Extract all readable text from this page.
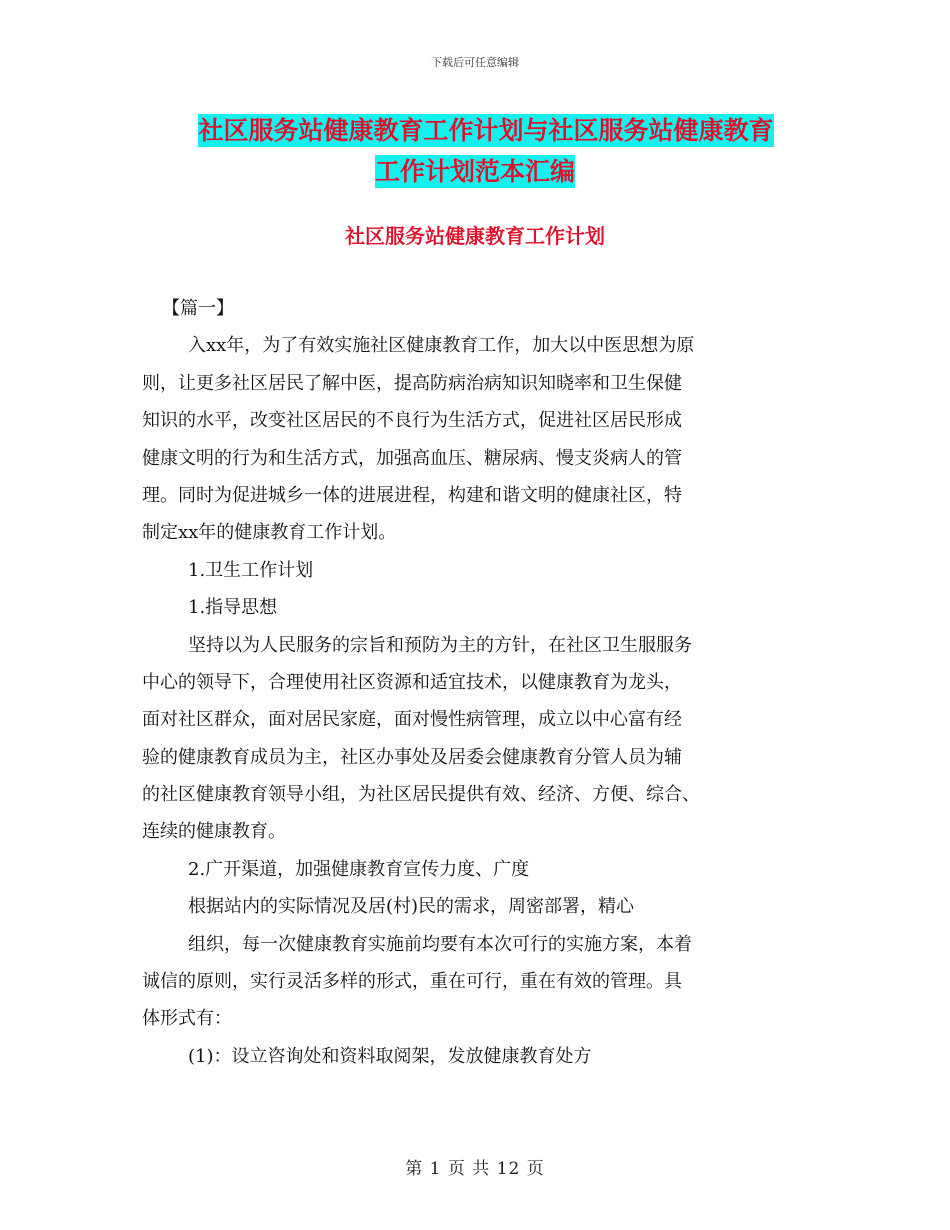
下载后可任意编辑
社区服务站健康教育工作计划与社区服务站健康教育
工作计划范本汇编
社区服务站健康教育工作计划
【篇一】
入xx年，为了有效实施社区健康教育工作，加大以中医思想为原
则，让更多社区居民了解中医，提高防病治病知识知晓率和卫生保健
知识的水平，改变社区居民的不良行为生活方式，促进社区居民形成
健康文明的行为和生活方式，加强高血压、糖尿病、慢支炎病人的管
理。同时为促进城乡一体的进展进程，构建和谐文明的健康社区，特
制定xx年的健康教育工作计划。
1.卫生工作计划
1.指导思想
坚持以为人民服务的宗旨和预防为主的方针，在社区卫生服服务
中心的领导下，合理使用社区资源和适宜技术，以健康教育为龙头，
面对社区群众，面对居民家庭，面对慢性病管理，成立以中心富有经
验的健康教育成员为主，社区办事处及居委会健康教育分管人员为辅
的社区健康教育领导小组，为社区居民提供有效、经济、方便、综合、
连续的健康教育。
2.广开渠道，加强健康教育宣传力度、广度
根据站内的实际情况及居(村)民的需求，周密部署，精心
组织，每一次健康教育实施前均要有本次可行的实施方案，本着
诚信的原则，实行灵活多样的形式，重在可行，重在有效的管理。具
体形式有：
(1)：设立咨询处和资料取阅架，发放健康教育处方
第 1 页 共 12 页
